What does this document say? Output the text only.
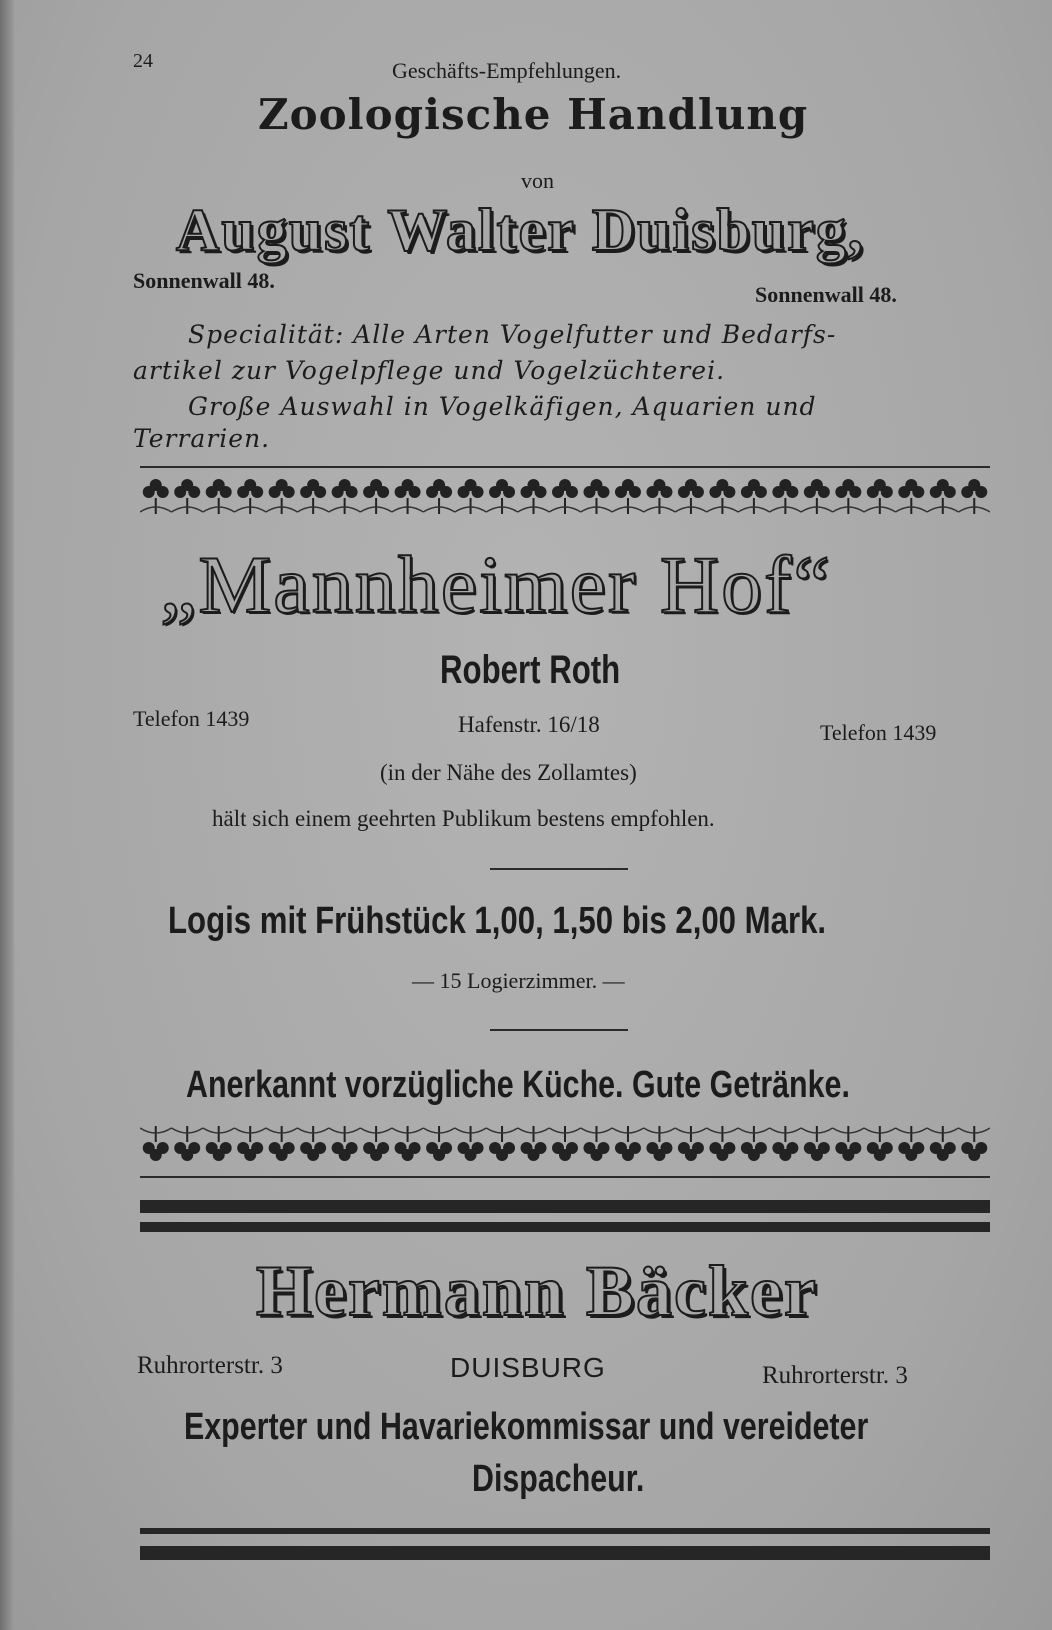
24	Geschäfts-Empfehlungen.
Zoologische Handlung
von
August Walter Duisburg,
Sonnenwall 48.
Sonnenwall 48.
Specialität: Alle Arten Vogelfutter und Bedarfs-
artikel zur Vogelpflege und Vogelzüchterei.
Große Auswahl in Vogelkäfigen, Aquarien und
Terrarien.
„Mannheimer Hof“
Robert Roth
Telefon 1439	Hafenstr. 16/18	Telefon 1439
(in der Nähe des Zollamtes)
hält sich einem geehrten Publikum bestens empfohlen.
Logis mit Frühstück 1,00, 1,50 bis 2,00 Mark.
— 15 Logierzimmer. —
Anerkannt vorzügliche Küche. Gute Getränke.
Hermann Bäcker
Ruhrorterstr. 3	DUISBURG	Ruhrorterstr. 3
Experter und Havariekommissar und vereideter
Dispacheur.
